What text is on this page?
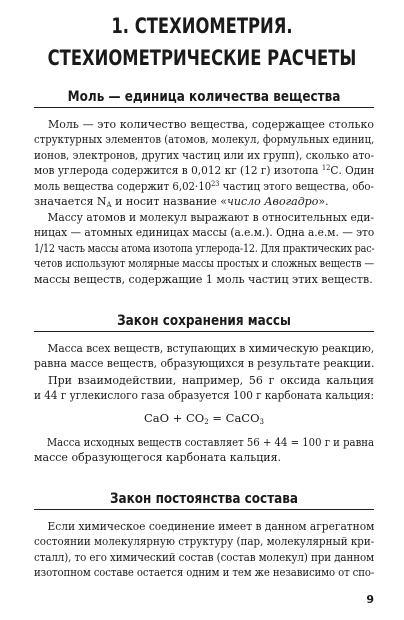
1. СТЕХИОМЕТРИЯ.
СТЕХИОМЕТРИЧЕСКИЕ РАСЧЕТЫ
Моль — единица количества вещества
Моль — это количество вещества, содержащее столько
структурных элементов (атомов, молекул, формульных единиц,
ионов, электронов, других частиц или их групп), сколько ато-
мов углерода содержится в 0,012 кг (12 г) изотопа $^{12}$С. Один
моль вещества содержит $6,02\cdot 10^{23}$ частиц этого вещества, обо-
значается $N_A$ и носит название «число Авогадро».
Массу атомов и молекул выражают в относительных еди-
ницах — атомных единицах массы (а.е.м.). Одна а.е.м. — это
1/12 часть массы атома изотопа углерода-12. Для практических рас-
четов используют молярные массы простых и сложных веществ —
массы веществ, содержащие 1 моль частиц этих веществ.
Закон сохранения массы
Масса всех веществ, вступающих в химическую реакцию,
равна массе веществ, образующихся в результате реакции.
При взаимодействии, например, 56 г оксида кальция
и 44 г углекислого газа образуется 100 г карбоната кальция:
CaO + $CO_2$ = CaCO$_3$
Масса исходных веществ составляет 56 + 44 = 100 г и равна
массе образующегося карбоната кальция.
Закон постоянства состава
Если химическое соединение имеет в данном агрегатном
состоянии молекулярную структуру (пар, молекулярный кри-
сталл), то его химический состав (состав молекул) при данном
изотопном составе остается одним и тем же независимо от спо-
9
